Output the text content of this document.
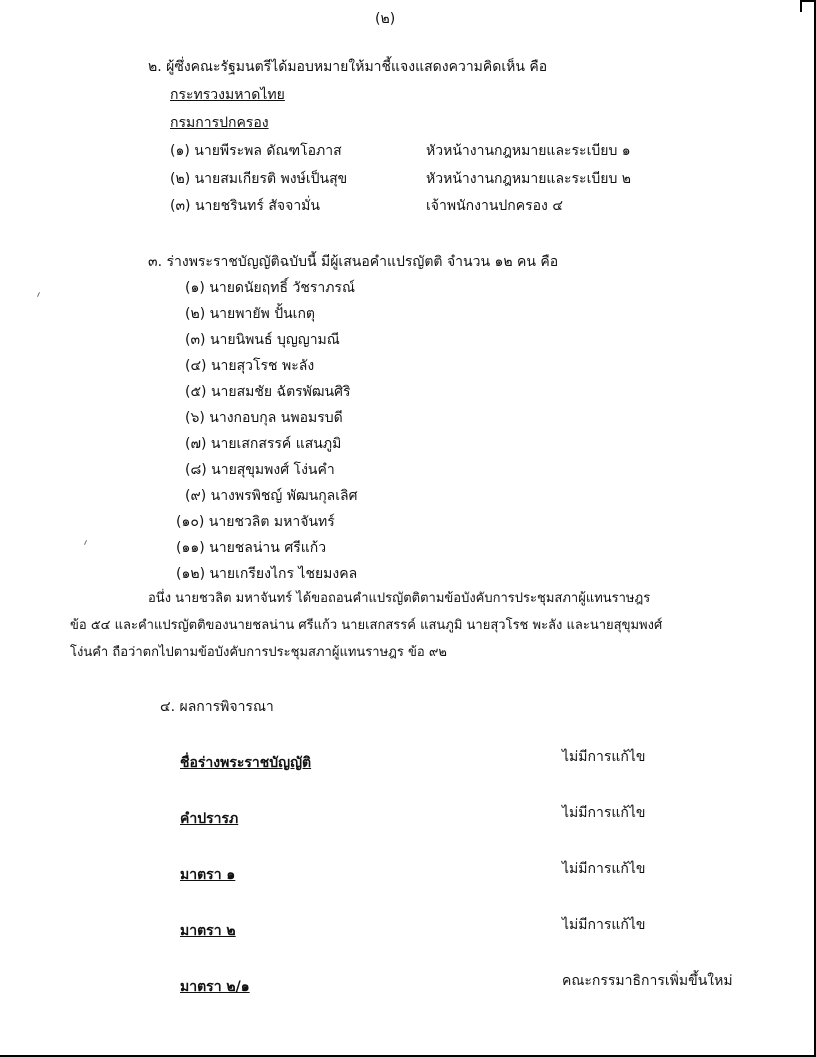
(๒)
๒. ผู้ซึ่งคณะรัฐมนตรีได้มอบหมายให้มาชี้แจงแสดงความคิดเห็น คือ
กระทรวงมหาดไทย
กรมการปกครอง
(๑) นายพีระพล ดัณฑโอภาส	หัวหน้างานกฎหมายและระเบียบ ๑
(๒) นายสมเกียรติ พงษ์เป็นสุข	หัวหน้างานกฎหมายและระเบียบ ๒
(๓) นายชรินทร์ สัจจามั่น	เจ้าพนักงานปกครอง ๔
๓. ร่างพระราชบัญญัติฉบับนี้ มีผู้เสนอคำแปรญัตติ จำนวน ๑๒ คน คือ
(๑) นายดนัยฤทธิ์ วัชราภรณ์
(๒) นายพายัพ ปั้นเกตุ
(๓) นายนิพนธ์ บุญญามณี
(๔) นายสุวโรช พะลัง
(๕) นายสมชัย ฉัตรพัฒนศิริ
(๖) นางกอบกุล นพอมรบดี
(๗) นายเสกสรรค์ แสนภูมิ
(๘) นายสุขุมพงศ์ โง่นคำ
(๙) นางพรพิชญ์ พัฒนกุลเลิศ
(๑๐) นายชวลิต มหาจันทร์
(๑๑) นายชลน่าน ศรีแก้ว
(๑๒) นายเกรียงไกร ไชยมงคล
อนึ่ง นายชวลิต มหาจันทร์ ได้ขอถอนคำแปรญัตติตามข้อบังคับการประชุมสภาผู้แทนราษฎร
ข้อ ๕๔ และคำแปรญัตติของนายชลน่าน ศรีแก้ว นายเสกสรรค์ แสนภูมิ นายสุวโรช พะลัง และนายสุขุมพงศ์
โง่นคำ ถือว่าตกไปตามข้อบังคับการประชุมสภาผู้แทนราษฎร ข้อ ๙๒
๔. ผลการพิจารณา
ชื่อร่างพระราชบัญญัติ	ไม่มีการแก้ไข
คำปรารภ	ไม่มีการแก้ไข
มาตรา ๑	ไม่มีการแก้ไข
มาตรา ๒	ไม่มีการแก้ไข
มาตรา ๒/๑	คณะกรรมาธิการเพิ่มขึ้นใหม่
